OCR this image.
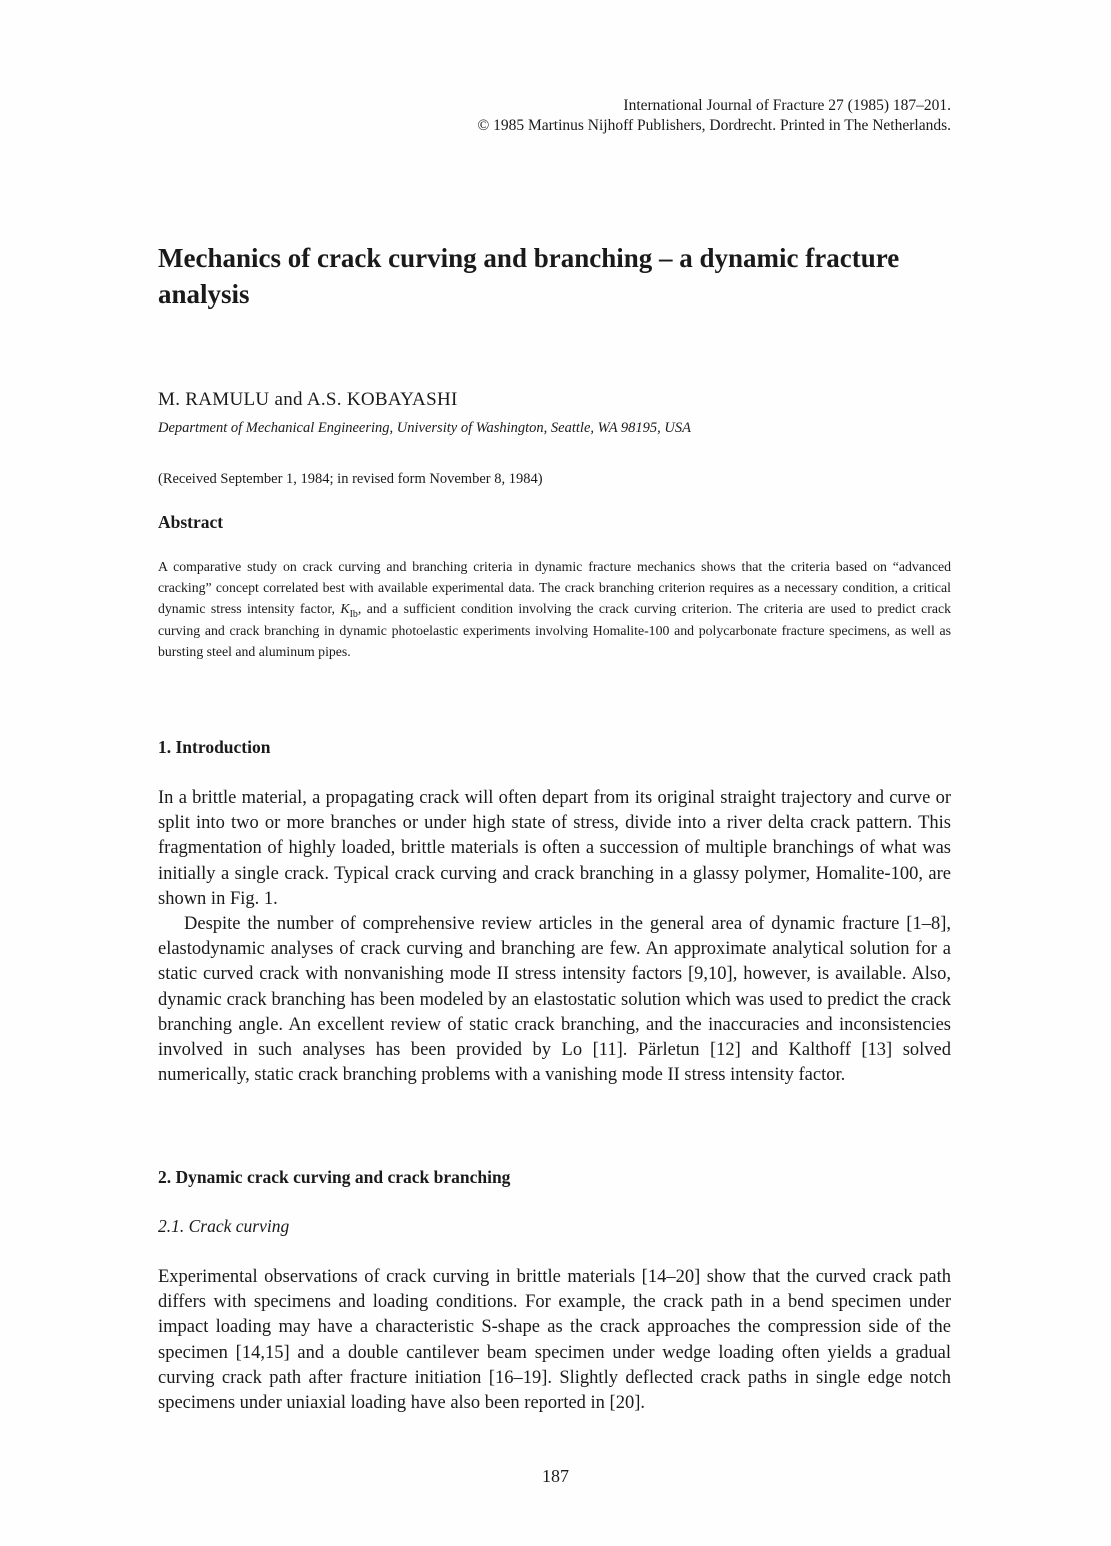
International Journal of Fracture 27 (1985) 187–201.
© 1985 Martinus Nijhoff Publishers, Dordrecht. Printed in The Netherlands.
Mechanics of crack curving and branching – a dynamic fracture analysis
M. RAMULU and A.S. KOBAYASHI
Department of Mechanical Engineering, University of Washington, Seattle, WA 98195, USA
(Received September 1, 1984; in revised form November 8, 1984)
Abstract

A comparative study on crack curving and branching criteria in dynamic fracture mechanics shows that the criteria based on “advanced cracking” concept correlated best with available experimental data. The crack branching criterion requires as a necessary condition, a critical dynamic stress intensity factor, $K_{Ib}$, and a sufficient condition involving the crack curving criterion. The criteria are used to predict crack curving and crack branching in dynamic photoelastic experiments involving Homalite-100 and polycarbonate fracture specimens, as well as bursting steel and aluminum pipes.

1. Introduction

In a brittle material, a propagating crack will often depart from its original straight trajectory and curve or split into two or more branches or under high state of stress, divide into a river delta crack pattern. This fragmentation of highly loaded, brittle materials is often a succession of multiple branchings of what was initially a single crack. Typical crack curving and crack branching in a glassy polymer, Homalite-100, are shown in Fig. 1.

Despite the number of comprehensive review articles in the general area of dynamic fracture [1–8], elastodynamic analyses of crack curving and branching are few. An approximate analytical solution for a static curved crack with nonvanishing mode II stress intensity factors [9,10], however, is available. Also, dynamic crack branching has been modeled by an elastostatic solution which was used to predict the crack branching angle. An excellent review of static crack branching, and the inaccuracies and inconsistencies involved in such analyses has been provided by Lo [11]. Pärletun [12] and Kalthoff [13] solved numerically, static crack branching problems with a vanishing mode II stress intensity factor.

2. Dynamic crack curving and crack branching
2.1. Crack curving

Experimental observations of crack curving in brittle materials [14–20] show that the curved crack path differs with specimens and loading conditions. For example, the crack path in a bend specimen under impact loading may have a characteristic S-shape as the crack approaches the compression side of the specimen [14,15] and a double cantilever beam specimen under wedge loading often yields a gradual curving crack path after fracture initiation [16–19]. Slightly deflected crack paths in single edge notch specimens under uniaxial loading have also been reported in [20].

187
